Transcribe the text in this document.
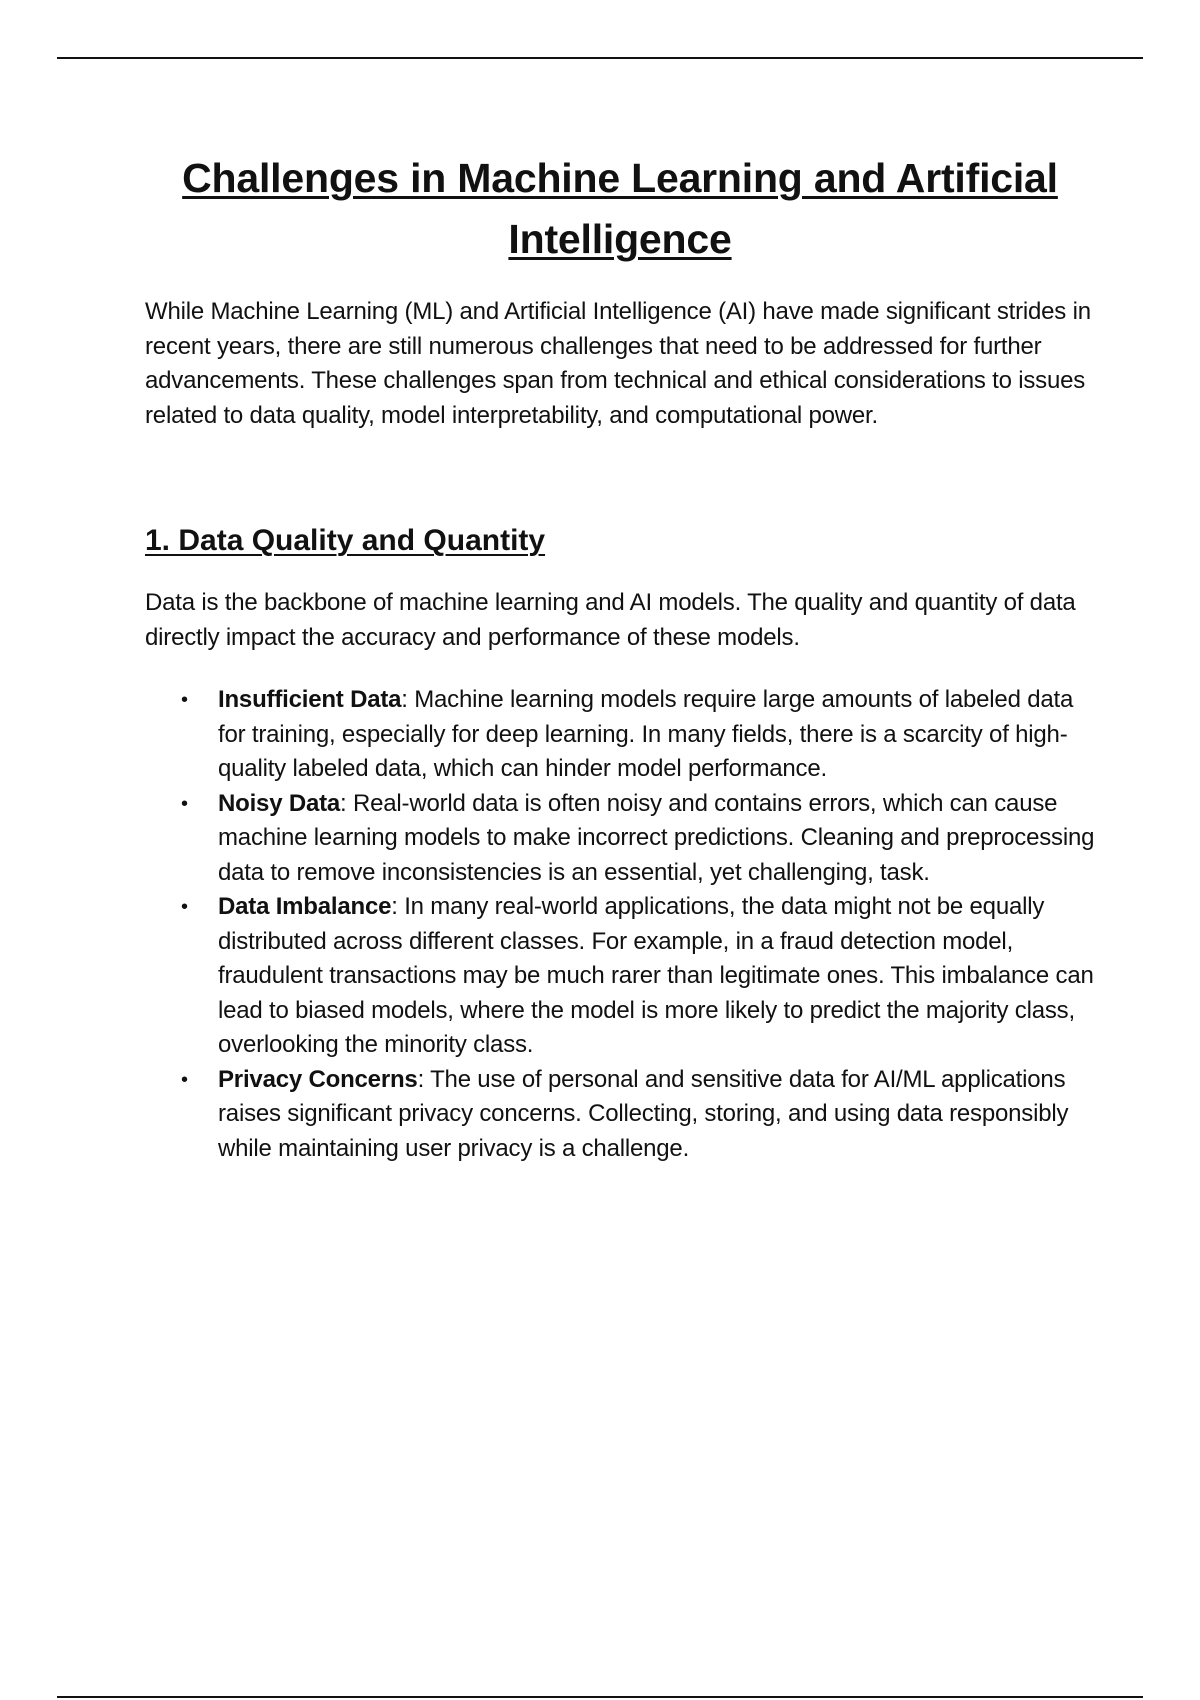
Challenges in Machine Learning and Artificial Intelligence

While Machine Learning (ML) and Artificial Intelligence (AI) have made significant strides in recent years, there are still numerous challenges that need to be addressed for further advancements. These challenges span from technical and ethical considerations to issues related to data quality, model interpretability, and computational power.

1. Data Quality and Quantity

Data is the backbone of machine learning and AI models. The quality and quantity of data directly impact the accuracy and performance of these models.

• Insufficient Data: Machine learning models require large amounts of labeled data for training, especially for deep learning. In many fields, there is a scarcity of high-quality labeled data, which can hinder model performance.
• Noisy Data: Real-world data is often noisy and contains errors, which can cause machine learning models to make incorrect predictions. Cleaning and preprocessing data to remove inconsistencies is an essential, yet challenging, task.
• Data Imbalance: In many real-world applications, the data might not be equally distributed across different classes. For example, in a fraud detection model, fraudulent transactions may be much rarer than legitimate ones. This imbalance can lead to biased models, where the model is more likely to predict the majority class, overlooking the minority class.
• Privacy Concerns: The use of personal and sensitive data for AI/ML applications raises significant privacy concerns. Collecting, storing, and using data responsibly while maintaining user privacy is a challenge.
